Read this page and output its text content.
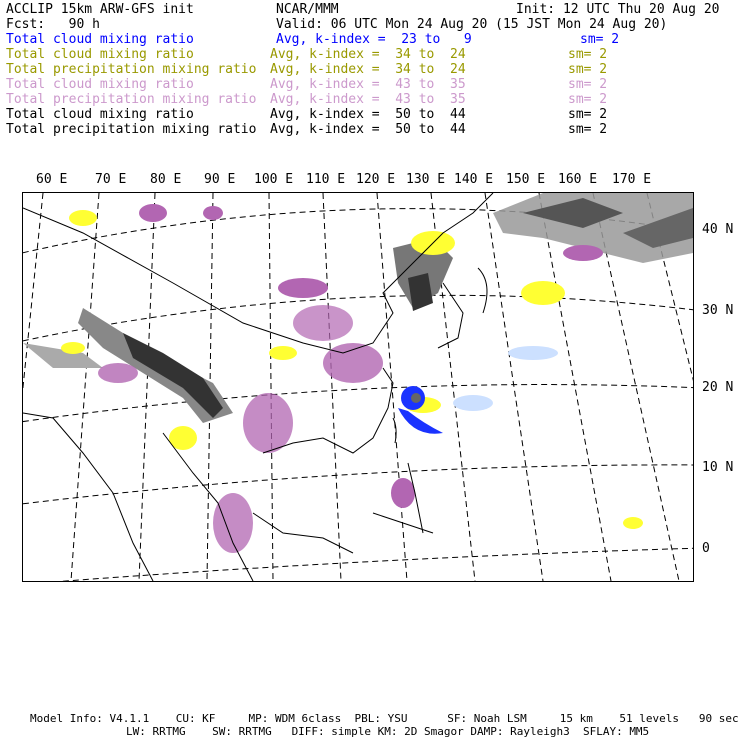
ACCLIP 15km ARW-GFS init	NCAR/MMM	Init: 12 UTC Thu 20 Aug 20
Fcst:   90 h	Valid: 06 UTC Mon 24 Aug 20 (15 JST Mon 24 Aug 20)
Total cloud mixing ratio	Avg, k-index =  23 to   9	sm= 2
Total cloud mixing ratio	Avg, k-index =  34 to  24	sm= 2
Total precipitation mixing ratio Avg, k-index =  34 to  24	sm= 2
Total cloud mixing ratio	Avg, k-index =  43 to  35	sm= 2
Total precipitation mixing ratio Avg, k-index =  43 to  35	sm= 2
Total cloud mixing ratio	Avg, k-index =  50 to  44	sm= 2
Total precipitation mixing ratio Avg, k-index =  50 to  44	sm= 2
60 E 70 E 80 E 90 E 100 E 110 E 120 E 130 E 140 E 150 E 160 E 170 E
40 N
30 N
20 N
10 N
0
Model Info: V4.1.1    CU: KF     MP: WDM 6class  PBL: YSU      SF: Noah LSM     15 km    51 levels   90 sec
LW: RRTMG    SW: RRTMG   DIFF: simple KM: 2D Smagor DAMP: Rayleigh3  SFLAY: MM5
